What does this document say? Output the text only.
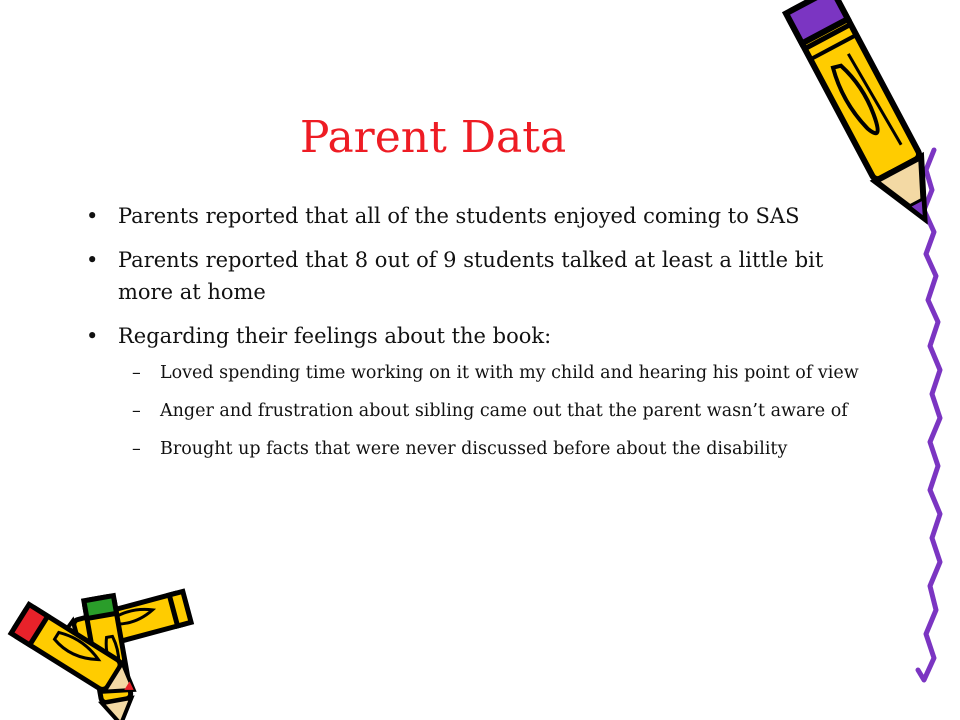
Parent Data
• Parents reported that all of the students enjoyed coming to SAS
• Parents reported that 8 out of 9 students talked at least a little bit more at home
• Regarding their feelings about the book:
– Loved spending time working on it with my child and hearing his point of view
– Anger and frustration about sibling came out that the parent wasn’t aware of
– Brought up facts that were never discussed before about the disability
